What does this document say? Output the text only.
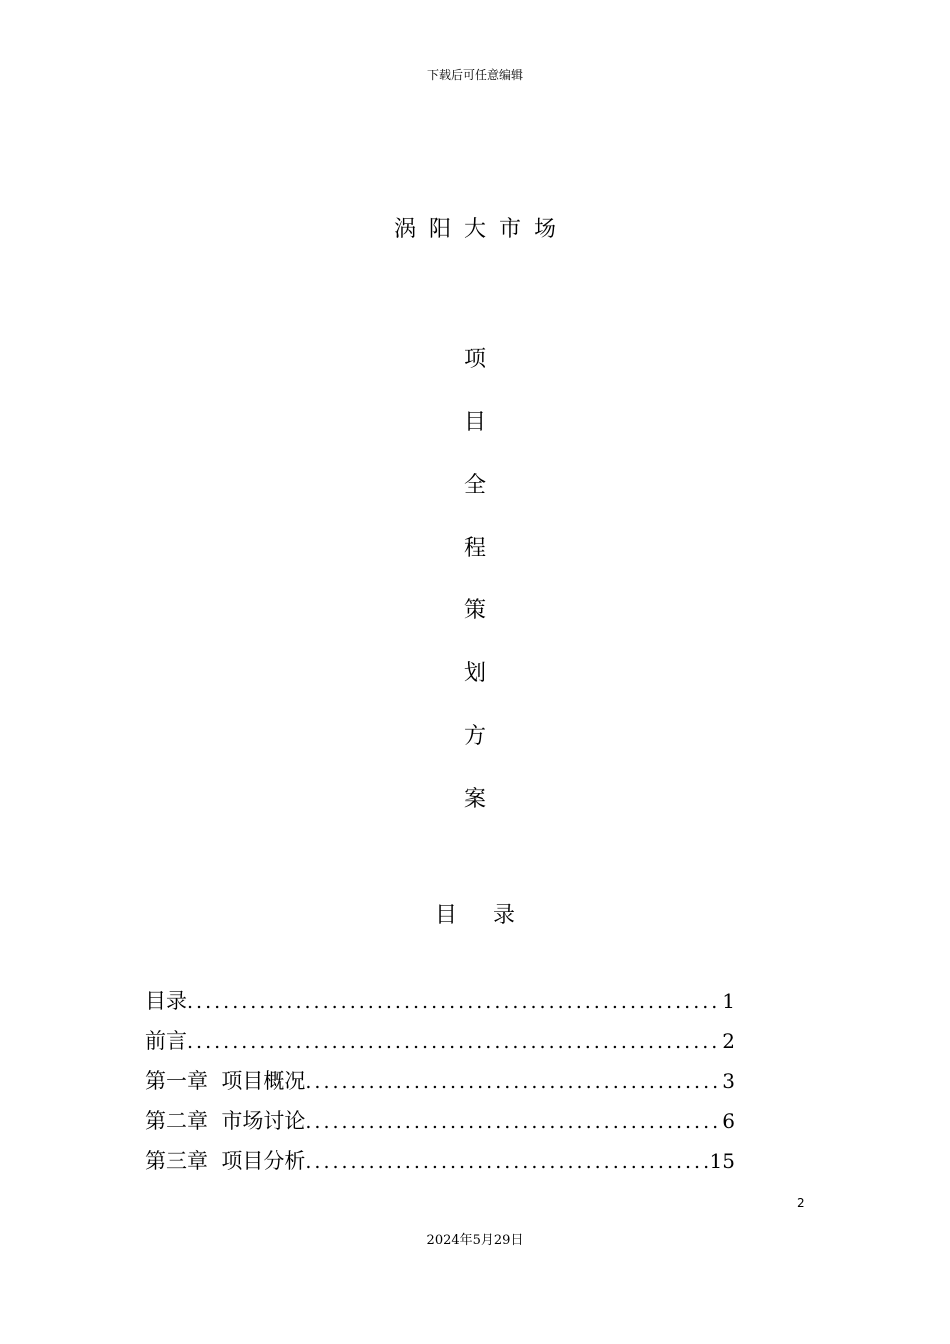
下载后可任意编辑
涡阳大市场
项
目
全
程
策
划
方
案
目 录
目录 .....	1
前言 .....	2
第一章  项目概况 .....	3
第二章  市场讨论 .....	6
第三章  项目分析 .....	15
2
2024年5月29日
